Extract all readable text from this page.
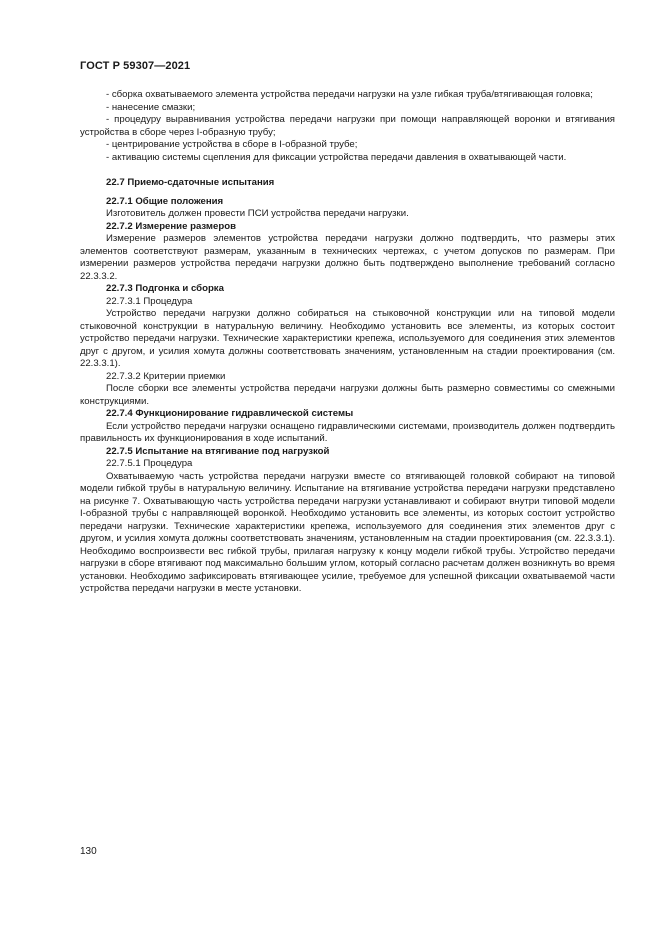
ГОСТ Р 59307—2021

- сборка охватываемого элемента устройства передачи нагрузки на узле гибкая труба/втягивающая головка;

- нанесение смазки;

- процедуру выравнивания устройства передачи нагрузки при помощи направляющей воронки и втягивания устройства в сборе через I-образную трубу;

- центрирование устройства в сборе в I-образной трубе;

- активацию системы сцепления для фиксации устройства передачи давления в охватывающей части.

22.7 Приемо-сдаточные испытания

22.7.1 Общие положения

Изготовитель должен провести ПСИ устройства передачи нагрузки.

22.7.2 Измерение размеров

Измерение размеров элементов устройства передачи нагрузки должно подтвердить, что размеры этих элементов соответствуют размерам, указанным в технических чертежах, с учетом допусков по размерам. При измерении размеров устройства передачи нагрузки должно быть подтверждено выполнение требований согласно 22.3.3.2.

22.7.3 Подгонка и сборка

22.7.3.1 Процедура

Устройство передачи нагрузки должно собираться на стыковочной конструкции или на типовой модели стыковочной конструкции в натуральную величину. Необходимо установить все элементы, из которых состоит устройство передачи нагрузки. Технические характеристики крепежа, используемого для соединения этих элементов друг с другом, и усилия хомута должны соответствовать значениям, установленным на стадии проектирования (см. 22.3.3.1).

22.7.3.2 Критерии приемки

После сборки все элементы устройства передачи нагрузки должны быть размерно совместимы со смежными конструкциями.

22.7.4 Функционирование гидравлической системы

Если устройство передачи нагрузки оснащено гидравлическими системами, производитель должен подтвердить правильность их функционирования в ходе испытаний.

22.7.5 Испытание на втягивание под нагрузкой

22.7.5.1 Процедура

Охватываемую часть устройства передачи нагрузки вместе со втягивающей головкой собирают на типовой модели гибкой трубы в натуральную величину. Испытание на втягивание устройства передачи нагрузки представлено на рисунке 7. Охватывающую часть устройства передачи нагрузки устанавливают и собирают внутри типовой модели I-образной трубы с направляющей воронкой. Необходимо установить все элементы, из которых состоит устройство передачи нагрузки. Технические характеристики крепежа, используемого для соединения этих элементов друг с другом, и усилия хомута должны соответствовать значениям, установленным на стадии проектирования (см. 22.3.3.1). Необходимо воспроизвести вес гибкой трубы, прилагая нагрузку к концу модели гибкой трубы. Устройство передачи нагрузки в сборе втягивают под максимально большим углом, который согласно расчетам должен возникнуть во время установки. Необходимо зафиксировать втягивающее усилие, требуемое для успешной фиксации охватываемой части устройства передачи нагрузки в месте установки.

130
